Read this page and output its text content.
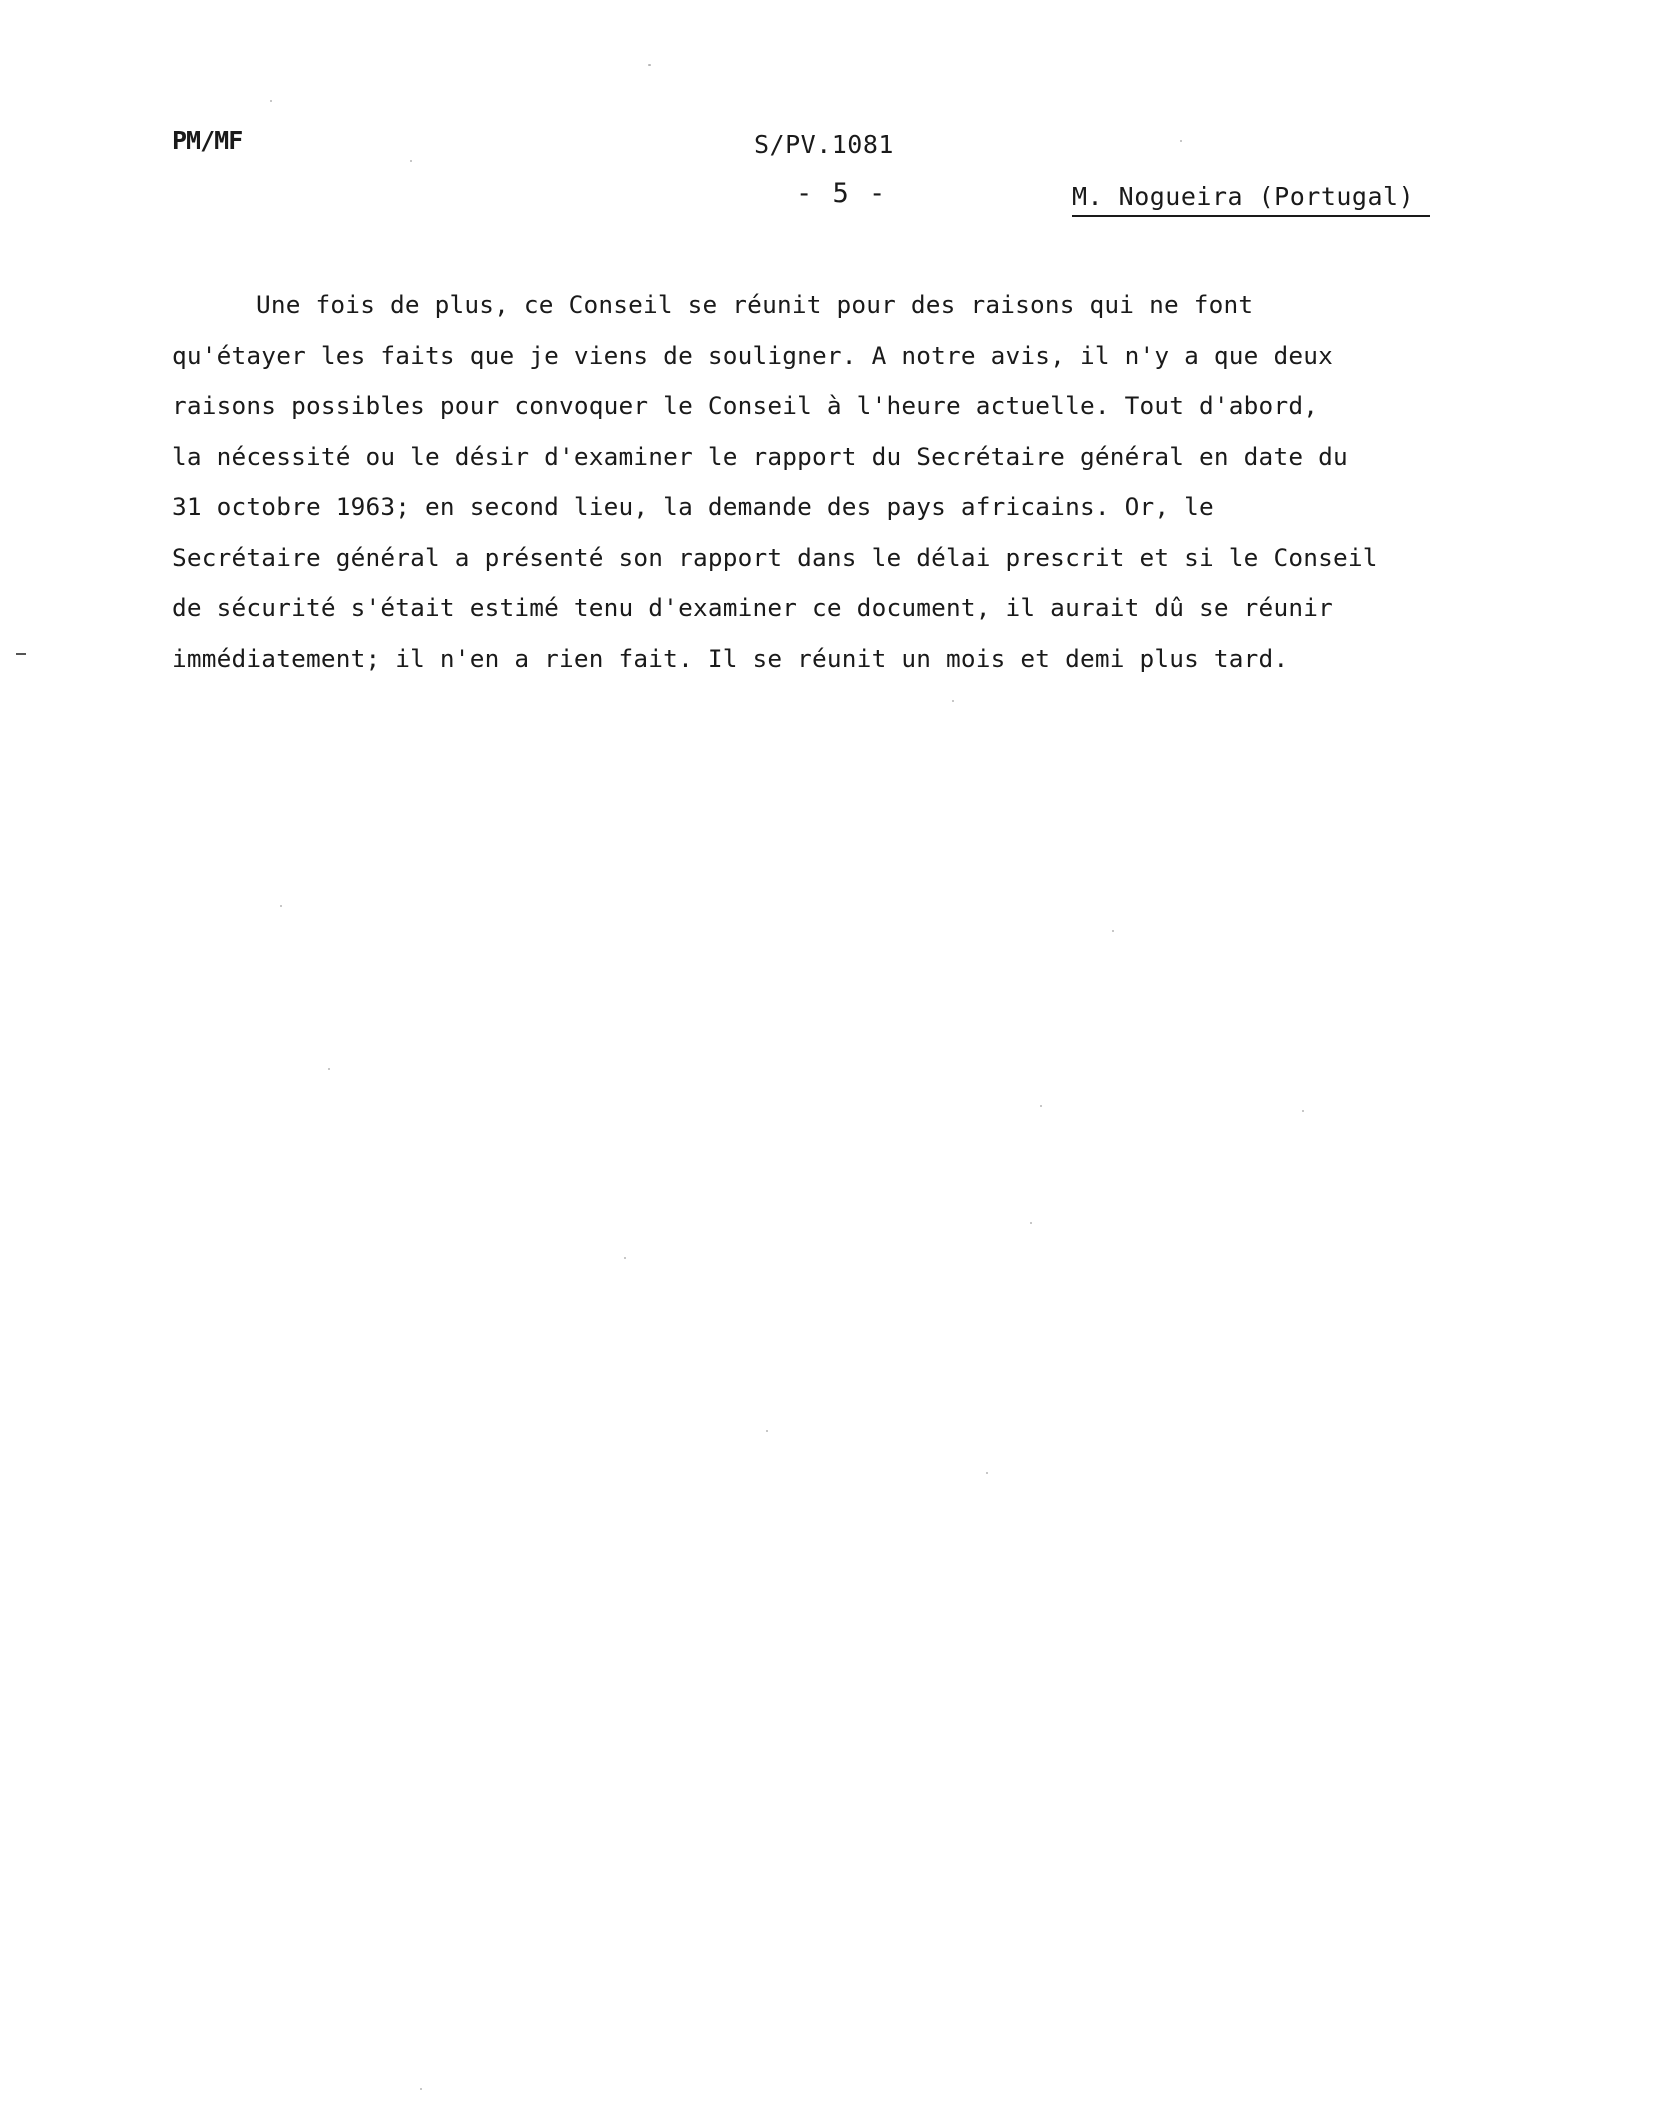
PM/MF	S/PV.1081
- 5 -	M. Nogueira (Portugal)
Une fois de plus, ce Conseil se réunit pour des raisons qui ne font
qu'étayer les faits que je viens de souligner. A notre avis, il n'y a que deux
raisons possibles pour convoquer le Conseil à l'heure actuelle. Tout d'abord,
la nécessité ou le désir d'examiner le rapport du Secrétaire général en date du
31 octobre 1963; en second lieu, la demande des pays africains. Or, le
Secrétaire général a présenté son rapport dans le délai prescrit et si le Conseil
de sécurité s'était estimé tenu d'examiner ce document, il aurait dû se réunir
immédiatement; il n'en a rien fait. Il se réunit un mois et demi plus tard.
